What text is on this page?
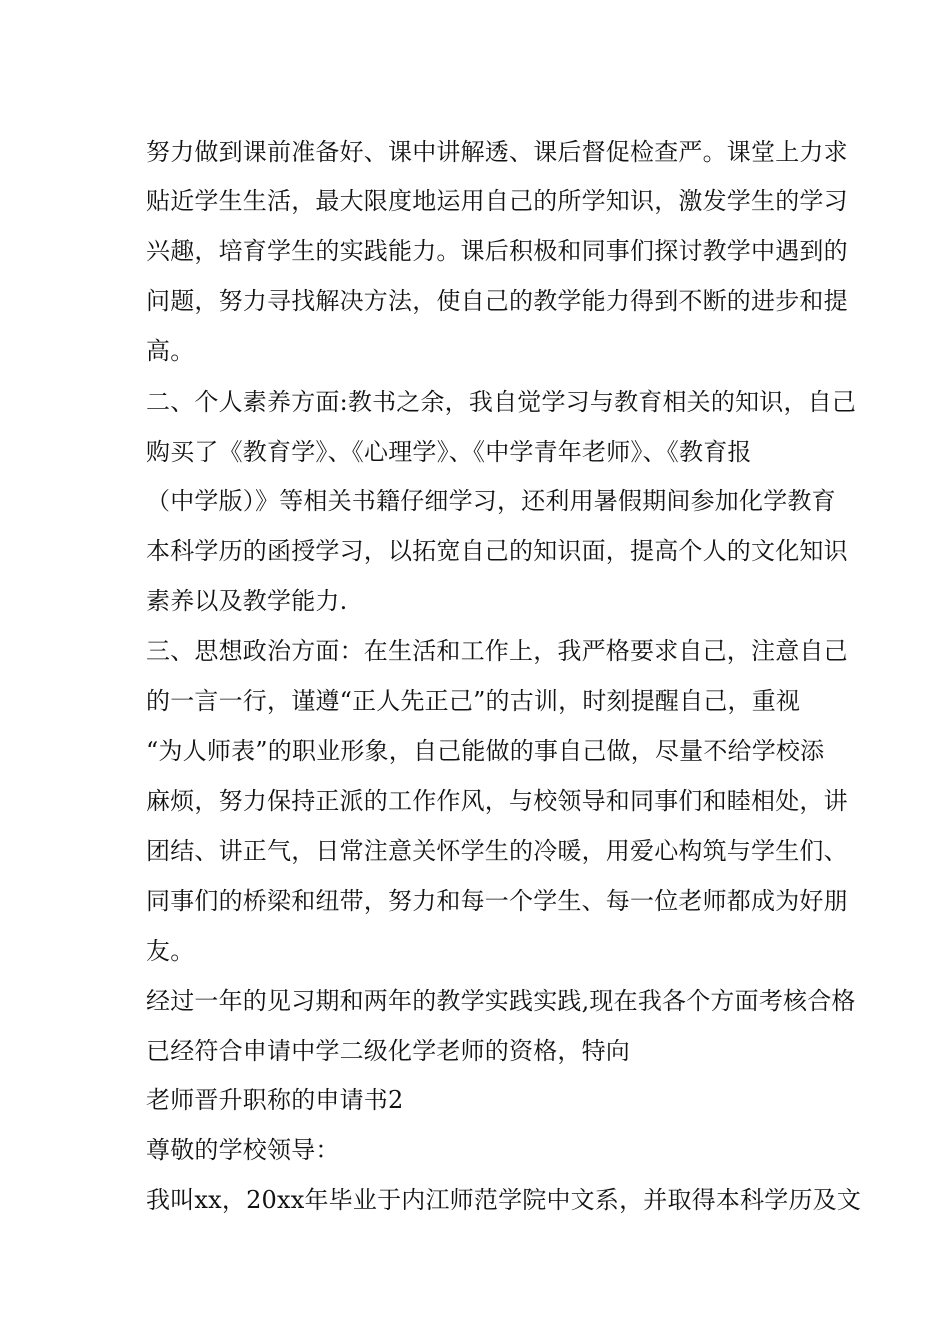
努力做到课前准备好、课中讲解透、课后督促检查严。课堂上力求

贴近学生生活，最大限度地运用自己的所学知识，激发学生的学习

兴趣，培育学生的实践能力。课后积极和同事们探讨教学中遇到的

问题，努力寻找解决方法，使自己的教学能力得到不断的进步和提

高。

二、个人素养方面:教书之余，我自觉学习与教育相关的知识，自己

购买了《教育学》、《心理学》、《中学青年老师》、《教育报

（中学版）》等相关书籍仔细学习，还利用暑假期间参加化学教育

本科学历的函授学习，以拓宽自己的知识面，提高个人的文化知识

素养以及教学能力.

三、思想政治方面：在生活和工作上，我严格要求自己，注意自己

的一言一行，谨遵“正人先正己”的古训，时刻提醒自己，重视

“为人师表”的职业形象，自己能做的事自己做，尽量不给学校添

麻烦，努力保持正派的工作作风，与校领导和同事们和睦相处，讲

团结、讲正气，日常注意关怀学生的冷暖，用爱心构筑与学生们、

同事们的桥梁和纽带，努力和每一个学生、每一位老师都成为好朋

友。

经过一年的见习期和两年的教学实践实践,现在我各个方面考核合格

已经符合申请中学二级化学老师的资格，特向

老师晋升职称的申请书2

尊敬的学校领导：

我叫xx，20xx年毕业于内江师范学院中文系，并取得本科学历及文
